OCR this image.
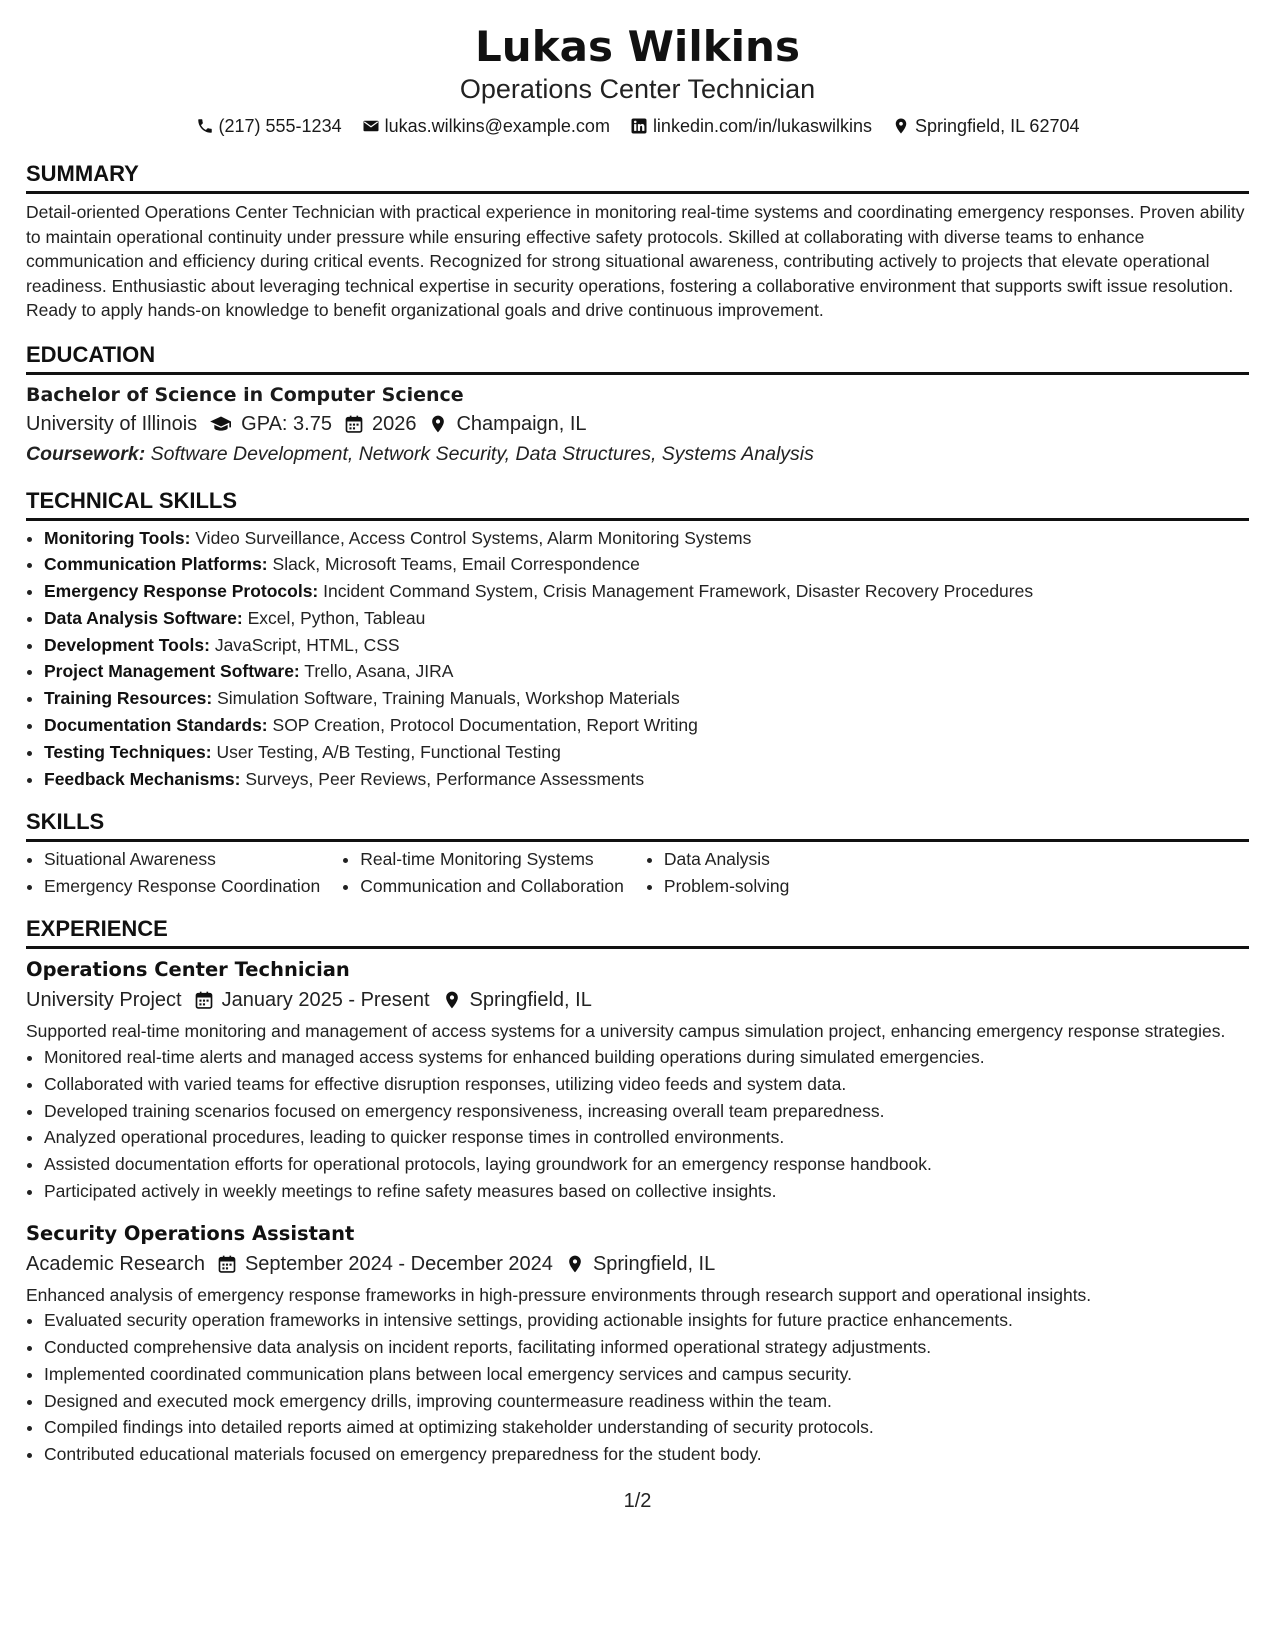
Lukas Wilkins
Operations Center Technician
(217) 555-1234 lukas.wilkins@example.com linkedin.com/in/lukaswilkins Springfield, IL 62704
SUMMARY
Detail-oriented Operations Center Technician with practical experience in monitoring real-time systems and coordinating emergency responses. Proven ability to maintain operational continuity under pressure while ensuring effective safety protocols. Skilled at collaborating with diverse teams to enhance communication and efficiency during critical events. Recognized for strong situational awareness, contributing actively to projects that elevate operational readiness. Enthusiastic about leveraging technical expertise in security operations, fostering a collaborative environment that supports swift issue resolution. Ready to apply hands-on knowledge to benefit organizational goals and drive continuous improvement.
EDUCATION
Bachelor of Science in Computer Science
University of Illinois GPA: 3.75 2026 Champaign, IL
Coursework: Software Development, Network Security, Data Structures, Systems Analysis
TECHNICAL SKILLS
• Monitoring Tools: Video Surveillance, Access Control Systems, Alarm Monitoring Systems
• Communication Platforms: Slack, Microsoft Teams, Email Correspondence
• Emergency Response Protocols: Incident Command System, Crisis Management Framework, Disaster Recovery Procedures
• Data Analysis Software: Excel, Python, Tableau
• Development Tools: JavaScript, HTML, CSS
• Project Management Software: Trello, Asana, JIRA
• Training Resources: Simulation Software, Training Manuals, Workshop Materials
• Documentation Standards: SOP Creation, Protocol Documentation, Report Writing
• Testing Techniques: User Testing, A/B Testing, Functional Testing
• Feedback Mechanisms: Surveys, Peer Reviews, Performance Assessments
SKILLS
• Situational Awareness
• Emergency Response Coordination
• Real-time Monitoring Systems
• Communication and Collaboration
• Data Analysis
• Problem-solving
EXPERIENCE
Operations Center Technician
University Project January 2025 - Present Springfield, IL
Supported real-time monitoring and management of access systems for a university campus simulation project, enhancing emergency response strategies.
• Monitored real-time alerts and managed access systems for enhanced building operations during simulated emergencies.
• Collaborated with varied teams for effective disruption responses, utilizing video feeds and system data.
• Developed training scenarios focused on emergency responsiveness, increasing overall team preparedness.
• Analyzed operational procedures, leading to quicker response times in controlled environments.
• Assisted documentation efforts for operational protocols, laying groundwork for an emergency response handbook.
• Participated actively in weekly meetings to refine safety measures based on collective insights.
Security Operations Assistant
Academic Research September 2024 - December 2024 Springfield, IL
Enhanced analysis of emergency response frameworks in high-pressure environments through research support and operational insights.
• Evaluated security operation frameworks in intensive settings, providing actionable insights for future practice enhancements.
• Conducted comprehensive data analysis on incident reports, facilitating informed operational strategy adjustments.
• Implemented coordinated communication plans between local emergency services and campus security.
• Designed and executed mock emergency drills, improving countermeasure readiness within the team.
• Compiled findings into detailed reports aimed at optimizing stakeholder understanding of security protocols.
• Contributed educational materials focused on emergency preparedness for the student body.
1/2
